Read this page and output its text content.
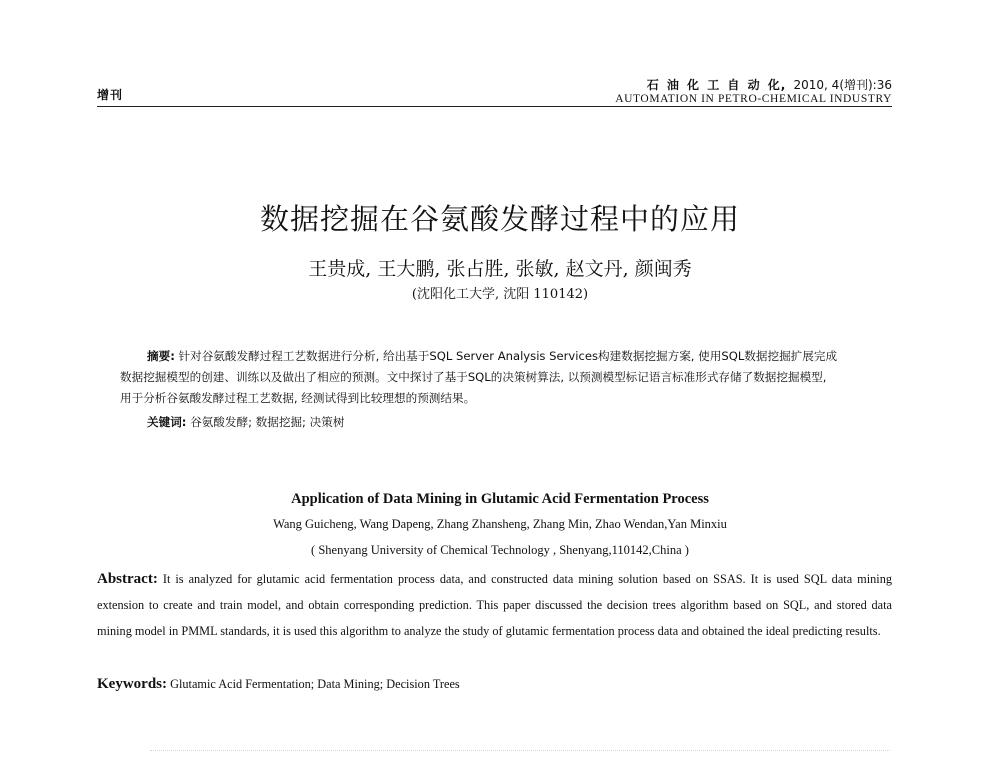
增刊
石 油 化 工 自 动 化, 2010, 4(增刊):36
AUTOMATION IN PETRO-CHEMICAL INDUSTRY
数据挖掘在谷氨酸发酵过程中的应用
王贵成, 王大鹏, 张占胜, 张敏, 赵文丹, 颜闽秀
(沈阳化工大学, 沈阳 110142)
摘要: 针对谷氨酸发酵过程工艺数据进行分析, 给出基于SQL Server Analysis Services构建数据挖掘方案, 使用SQL数据挖掘扩展完成
数据挖掘模型的创建、训练以及做出了相应的预测。文中探讨了基于SQL的决策树算法, 以预测模型标记语言标准形式存储了数据挖掘模型,
用于分析谷氨酸发酵过程工艺数据, 经测试得到比较理想的预测结果。
关键词: 谷氨酸发酵; 数据挖掘; 决策树
Application of Data Mining in Glutamic Acid Fermentation Process
Wang Guicheng, Wang Dapeng, Zhang Zhansheng, Zhang Min, Zhao Wendan,Yan Minxiu
( Shenyang University of Chemical Technology , Shenyang,110142,China )
Abstract: It is analyzed for glutamic acid fermentation process data, and constructed data mining solution based on SSAS. It is used SQL data mining extension to create and train model, and obtain corresponding prediction. This paper discussed the decision trees algorithm based on SQL, and stored data mining model in PMML standards, it is used this algorithm to analyze the study of glutamic fermentation process data and obtained the ideal predicting results.
Keywords: Glutamic Acid Fermentation; Data Mining; Decision Trees
